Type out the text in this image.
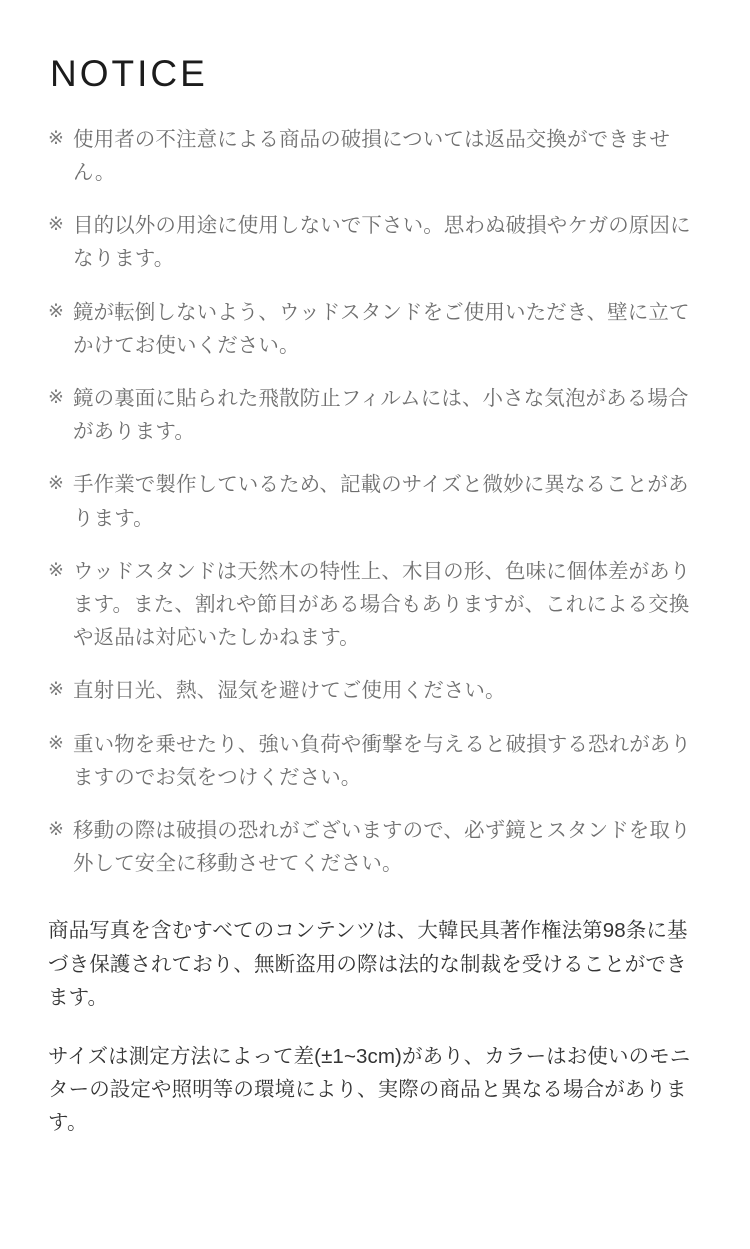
NOTICE
※ 使用者の不注意による商品の破損については返品交換ができません。
※ 目的以外の用途に使用しないで下さい。思わぬ破損やケガの原因になります。
※ 鏡が転倒しないよう、ウッドスタンドをご使用いただき、壁に立てかけてお使いください。
※ 鏡の裏面に貼られた飛散防止フィルムには、小さな気泡がある場合があります。
※ 手作業で製作しているため、記載のサイズと微妙に異なることがあります。
※ ウッドスタンドは天然木の特性上、木目の形、色味に個体差があります。また、割れや節目がある場合もありますが、これによる交換や返品は対応いたしかねます。
※ 直射日光、熱、湿気を避けてご使用ください。
※ 重い物を乗せたり、強い負荷や衝撃を与えると破損する恐れがありますのでお気をつけください。
※ 移動の際は破損の恐れがございますので、必ず鏡とスタンドを取り外して安全に移動させてください。

商品写真を含むすべてのコンテンツは、大韓民具著作権法第98条に基づき保護されており、無断盗用の際は法的な制裁を受けることができます。

サイズは測定方法によって差(±1~3cm)があり、カラーはお使いのモニターの設定や照明等の環境により、実際の商品と異なる場合があります。
